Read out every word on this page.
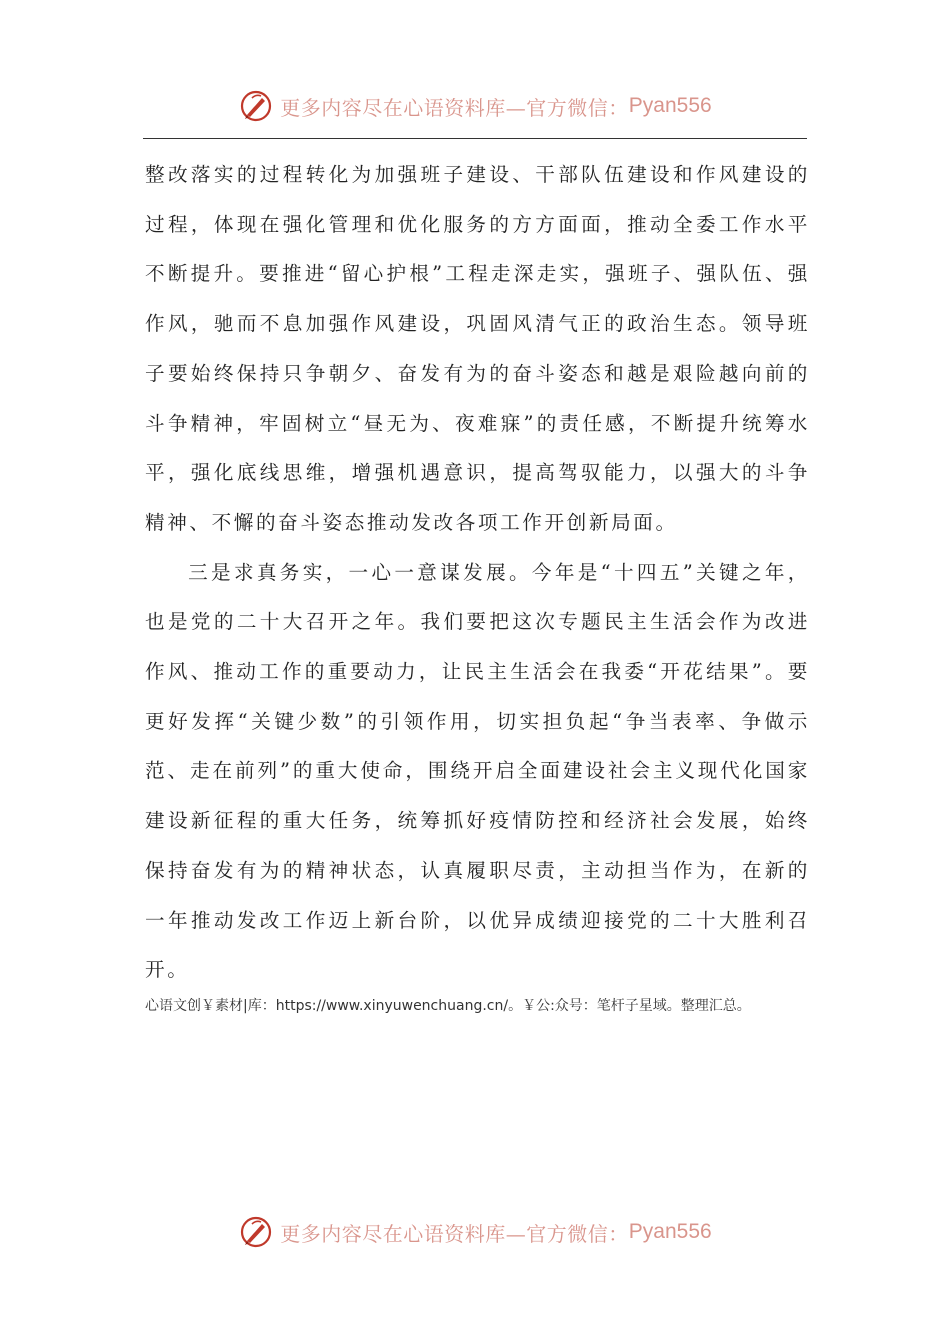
更多内容尽在心语资料库—官方微信： Pyan556

整改落实的过程转化为加强班子建设、干部队伍建设和作风建设的过程，体现在强化管理和优化服务的方方面面，推动全委工作水平不断提升。要推进“留心护根”工程走深走实，强班子、强队伍、强作风，驰而不息加强作风建设，巩固风清气正的政治生态。领导班子要始终保持只争朝夕、奋发有为的奋斗姿态和越是艰险越向前的斗争精神，牢固树立“昼无为、夜难寐”的责任感，不断提升统筹水平，强化底线思维，增强机遇意识，提高驾驭能力，以强大的斗争精神、不懈的奋斗姿态推动发改各项工作开创新局面。

三是求真务实，一心一意谋发展。今年是“十四五”关键之年，也是党的二十大召开之年。我们要把这次专题民主生活会作为改进作风、推动工作的重要动力，让民主生活会在我委“开花结果”。要更好发挥“关键少数”的引领作用，切实担负起“争当表率、争做示范、走在前列”的重大使命，围绕开启全面建设社会主义现代化国家建设新征程的重大任务，统筹抓好疫情防控和经济社会发展，始终保持奋发有为的精神状态，认真履职尽责，主动担当作为，在新的一年推动发改工作迈上新台阶，以优异成绩迎接党的二十大胜利召开。

心语文创￥素材|库：https://www.xinyuwenchuang.cn/。￥公:众号：笔杆子星域。整理汇总。
更多内容尽在心语资料库—官方微信： Pyan556
